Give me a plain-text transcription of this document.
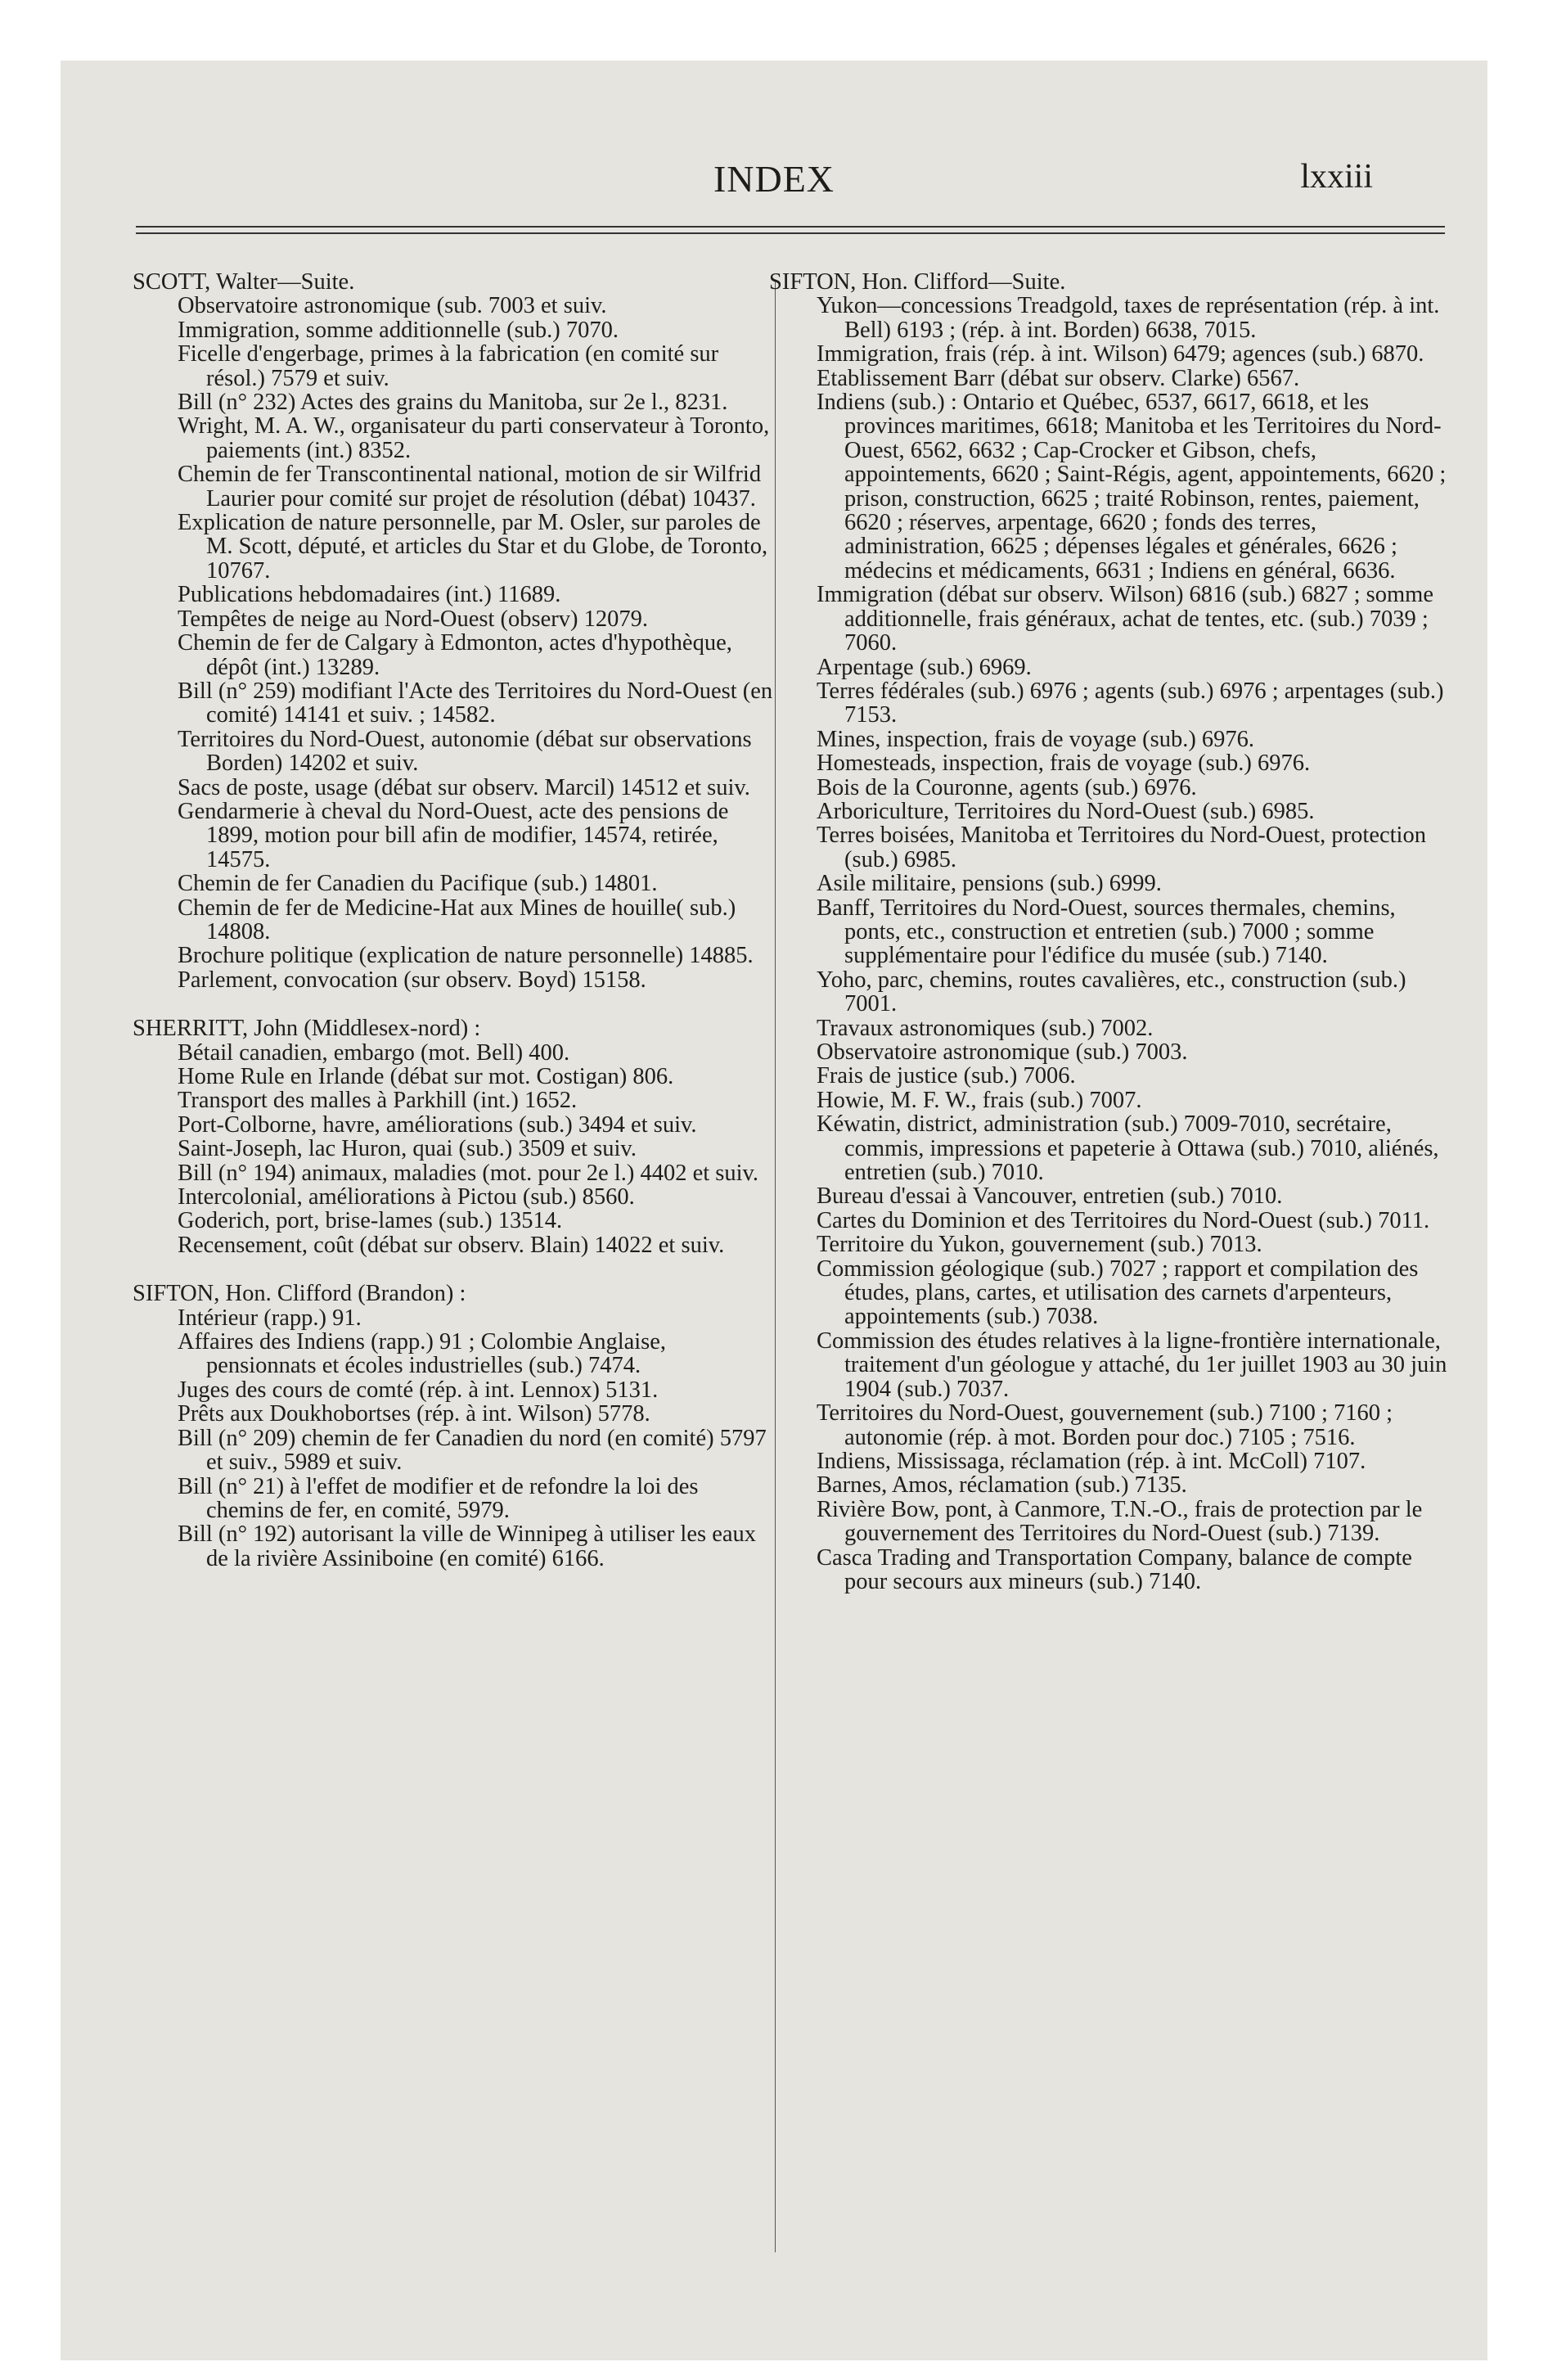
INDEX	lxxiii
SCOTT, Walter—Suite.
Observatoire astronomique (sub. 7003 et suiv.
Immigration, somme additionnelle (sub.) 7070.
Ficelle d'engerbage, primes à la fabrication (en comité sur résol.) 7579 et suiv.
Bill (n° 232) Actes des grains du Manitoba, sur 2e l., 8231.
Wright, M. A. W., organisateur du parti conservateur à Toronto, paiements (int.) 8352.
Chemin de fer Transcontinental national, motion de sir Wilfrid Laurier pour comité sur projet de résolution (débat) 10437.
Explication de nature personnelle, par M. Osler, sur paroles de M. Scott, député, et articles du Star et du Globe, de Toronto, 10767.
Publications hebdomadaires (int.) 11689.
Tempêtes de neige au Nord-Ouest (observ) 12079.
Chemin de fer de Calgary à Edmonton, actes d'hypothèque, dépôt (int.) 13289.
Bill (n° 259) modifiant l'Acte des Territoires du Nord-Ouest (en comité) 14141 et suiv. ; 14582.
Territoires du Nord-Ouest, autonomie (débat sur observations Borden) 14202 et suiv.
Sacs de poste, usage (débat sur observ. Marcil) 14512 et suiv.
Gendarmerie à cheval du Nord-Ouest, acte des pensions de 1899, motion pour bill afin de modifier, 14574, retirée, 14575.
Chemin de fer Canadien du Pacifique (sub.) 14801.
Chemin de fer de Medicine-Hat aux Mines de houille( sub.) 14808.
Brochure politique (explication de nature personnelle) 14885.
Parlement, convocation (sur observ. Boyd) 15158.
SHERRITT, John (Middlesex-nord) :
Bétail canadien, embargo (mot. Bell) 400.
Home Rule en Irlande (débat sur mot. Costigan) 806.
Transport des malles à Parkhill (int.) 1652.
Port-Colborne, havre, améliorations (sub.) 3494 et suiv.
Saint-Joseph, lac Huron, quai (sub.) 3509 et suiv.
Bill (n° 194) animaux, maladies (mot. pour 2e l.) 4402 et suiv.
Intercolonial, améliorations à Pictou (sub.) 8560.
Goderich, port, brise-lames (sub.) 13514.
Recensement, coût (débat sur observ. Blain) 14022 et suiv.
SIFTON, Hon. Clifford (Brandon) :
Intérieur (rapp.) 91.
Affaires des Indiens (rapp.) 91 ; Colombie Anglaise, pensionnats et écoles industrielles (sub.) 7474.
Juges des cours de comté (rép. à int. Lennox) 5131.
Prêts aux Doukhobortses (rép. à int. Wilson) 5778.
Bill (n° 209) chemin de fer Canadien du nord (en comité) 5797 et suiv., 5989 et suiv.
Bill (n° 21) à l'effet de modifier et de refondre la loi des chemins de fer, en comité, 5979.
Bill (n° 192) autorisant la ville de Winnipeg à utiliser les eaux de la rivière Assiniboine (en comité) 6166.
SIFTON, Hon. Clifford—Suite.
Yukon—concessions Treadgold, taxes de représentation (rép. à int. Bell) 6193 ; (rép. à int. Borden) 6638, 7015.
Immigration, frais (rép. à int. Wilson) 6479; agences (sub.) 6870.
Etablissement Barr (débat sur observ. Clarke) 6567.
Indiens (sub.) : Ontario et Québec, 6537, 6617, 6618, et les provinces maritimes, 6618; Manitoba et les Territoires du Nord-Ouest, 6562, 6632 ; Cap-Crocker et Gibson, chefs, appointements, 6620 ; Saint-Régis, agent, appointements, 6620 ; prison, construction, 6625 ; traité Robinson, rentes, paiement, 6620 ; réserves, arpentage, 6620 ; fonds des terres, administration, 6625 ; dépenses légales et générales, 6626 ; médecins et médicaments, 6631 ; Indiens en général, 6636.
Immigration (débat sur observ. Wilson) 6816 (sub.) 6827 ; somme additionnelle, frais généraux, achat de tentes, etc. (sub.) 7039 ; 7060.
Arpentage (sub.) 6969.
Terres fédérales (sub.) 6976 ; agents (sub.) 6976 ; arpentages (sub.) 7153.
Mines, inspection, frais de voyage (sub.) 6976.
Homesteads, inspection, frais de voyage (sub.) 6976.
Bois de la Couronne, agents (sub.) 6976.
Arboriculture, Territoires du Nord-Ouest (sub.) 6985.
Terres boisées, Manitoba et Territoires du Nord-Ouest, protection (sub.) 6985.
Asile militaire, pensions (sub.) 6999.
Banff, Territoires du Nord-Ouest, sources thermales, chemins, ponts, etc., construction et entretien (sub.) 7000 ; somme supplémentaire pour l'édifice du musée (sub.) 7140.
Yoho, parc, chemins, routes cavalières, etc., construction (sub.) 7001.
Travaux astronomiques (sub.) 7002.
Observatoire astronomique (sub.) 7003.
Frais de justice (sub.) 7006.
Howie, M. F. W., frais (sub.) 7007.
Kéwatin, district, administration (sub.) 7009-7010, secrétaire, commis, impressions et papeterie à Ottawa (sub.) 7010, aliénés, entretien (sub.) 7010.
Bureau d'essai à Vancouver, entretien (sub.) 7010.
Cartes du Dominion et des Territoires du Nord-Ouest (sub.) 7011.
Territoire du Yukon, gouvernement (sub.) 7013.
Commission géologique (sub.) 7027 ; rapport et compilation des études, plans, cartes, et utilisation des carnets d'arpenteurs, appointements (sub.) 7038.
Commission des études relatives à la ligne-frontière internationale, traitement d'un géologue y attaché, du 1er juillet 1903 au 30 juin 1904 (sub.) 7037.
Territoires du Nord-Ouest, gouvernement (sub.) 7100 ; 7160 ; autonomie (rép. à mot. Borden pour doc.) 7105 ; 7516.
Indiens, Mississaga, réclamation (rép. à int. McColl) 7107.
Barnes, Amos, réclamation (sub.) 7135.
Rivière Bow, pont, à Canmore, T.N.-O., frais de protection par le gouvernement des Territoires du Nord-Ouest (sub.) 7139.
Casca Trading and Transportation Company, balance de compte pour secours aux mineurs (sub.) 7140.
